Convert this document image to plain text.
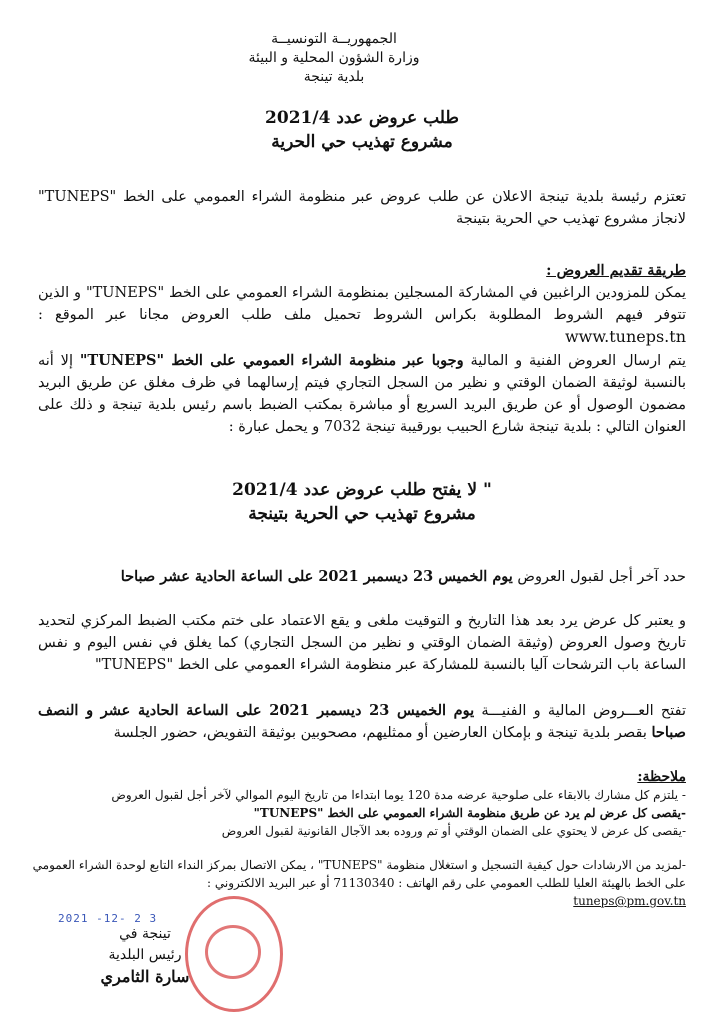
الجمهوريــة التونسيــة
وزارة الشؤون المحلية و البيئة
بلدية تينجة
طلب عروض عدد 2021/4
مشروع تهذيب حي الحرية
تعتزم رئيسة بلدية تينجة الاعلان عن طلب عروض عبر منظومة الشراء العمومي على الخط "TUNEPS" لانجاز مشروع تهذيب حي الحرية بتينجة
طريقة تقديم العروض :
يمكن للمزودين الراغبين في المشاركة المسجلين بمنظومة الشراء العمومي على الخط "TUNEPS" و الذين تتوفر فيهم الشروط المطلوبة بكراس الشروط تحميل ملف طلب العروض مجانا عبر الموقع : www.tuneps.tn
يتم ارسال العروض الفنية و المالية وجوبا عبر منظومة الشراء العمومي على الخط "TUNEPS" إلا أنه بالنسبة لوثيقة الضمان الوقتي و نظير من السجل التجاري فيتم إرسالهما في ظرف مغلق عن طريق البريد مضمون الوصول أو عن طريق البريد السريع أو مباشرة بمكتب الضبط باسم رئيس بلدية تينجة و ذلك على العنوان التالي : بلدية تينجة شارع الحبيب بورقيبة تينجة 7032 و يحمل عبارة :
" لا يفتح طلب عروض عدد 2021/4
مشروع تهذيب حي الحرية بتينجة
حدد آخر أجل لقبول العروض يوم الخميس 23 ديسمبر 2021 على الساعة الحادية عشر صباحا
و يعتبر كل عرض يرد بعد هذا التاريخ و التوقيت ملغى و يقع الاعتماد على ختم مكتب الضبط المركزي لتحديد تاريخ وصول العروض (وثيقة الضمان الوقتي و نظير من السجل التجاري) كما يغلق في نفس اليوم و نفس الساعة باب الترشحات آليا بالنسبة للمشاركة عبر منظومة الشراء العمومي على الخط "TUNEPS"
تفتح العـــروض المالية و الفنيـــة يوم الخميس 23 ديسمبر 2021 على الساعة الحادية عشر و النصف صباحا بقصر بلدية تينجة و بإمكان العارضين أو ممثليهم، مصحوبين بوثيقة التفويض، حضور الجلسة
ملاحظة:
- يلتزم كل مشارك بالابقاء على صلوحية عرضه مدة 120 يوما ابتداءا من تاريخ اليوم الموالي لآخر أجل لقبول العروض
-يقصى كل عرض لم يرد عن طريق منظومة الشراء العمومي على الخط "TUNEPS"
-يقصى كل عرض لا يحتوي على الضمان الوقتي أو تم وروده بعد الآجال القانونية لقبول العروض
-لمزيد من الارشادات حول كيفية التسجيل و استغلال منظومة "TUNEPS" ، يمكن الاتصال بمركز النداء التابع لوحدة الشراء العمومي على الخط بالهيئة العليا للطلب العمومي على رقم الهاتف : 71130340 أو عبر البريد الالكتروني :
tuneps@pm.gov.tn
2021 -12- 2 3
تينجة في
رئيس البلدية
سارة الثامري
